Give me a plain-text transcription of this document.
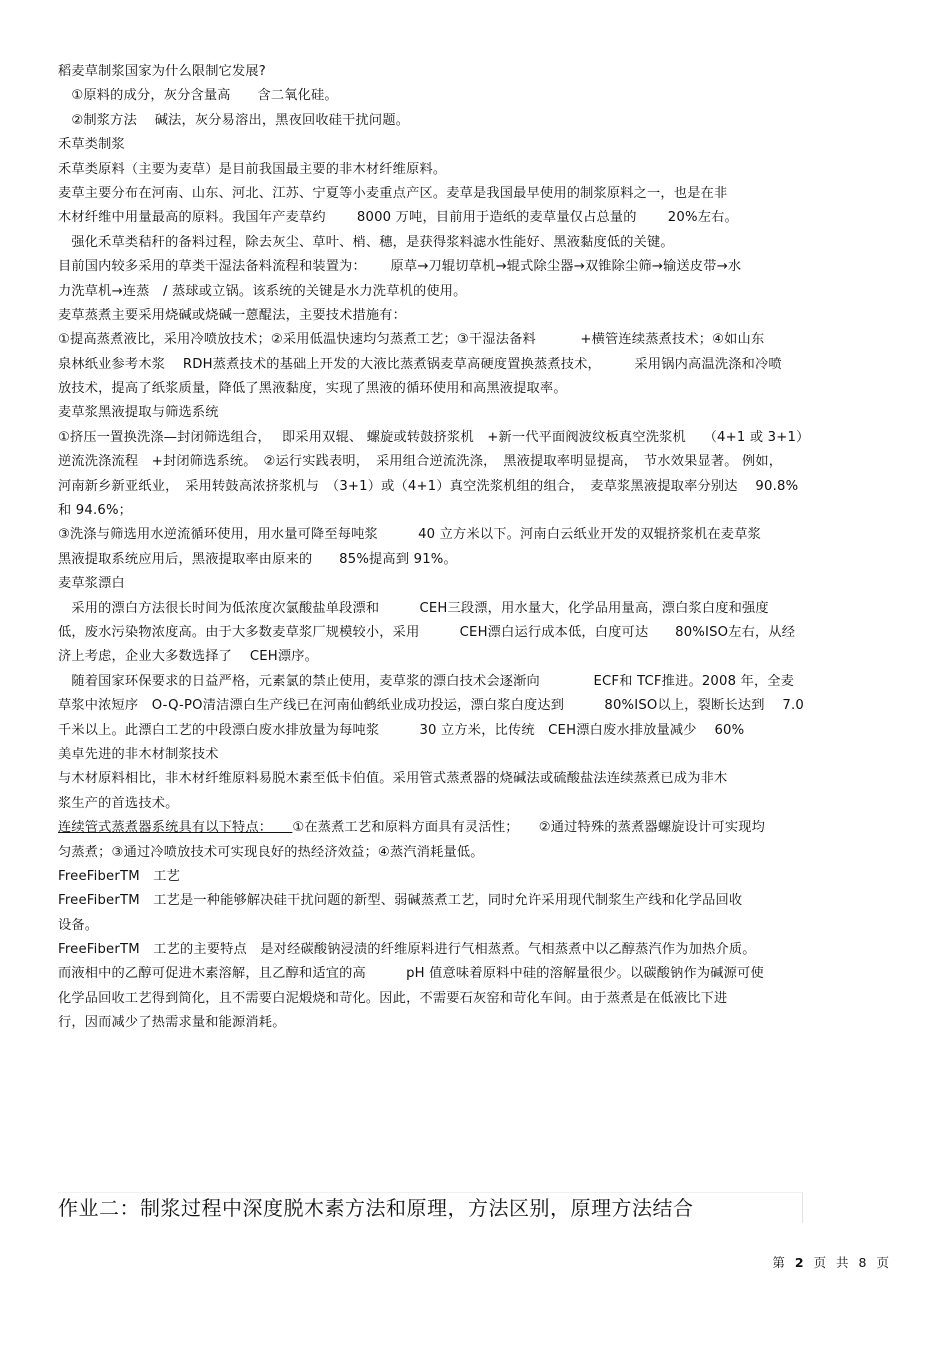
稻麦草制浆国家为什么限制它发展?
　①原料的成分，灰分含量高　　含二氧化硅。
　②制浆方法　 碱法，灰分易溶出，黑夜回收硅干扰问题。
禾草类制浆
禾草类原料（主要为麦草）是目前我国最主要的非木材纤维原料。
麦草主要分布在河南、山东、河北、江苏、宁夏等小麦重点产区。麦草是我国最早使用的制浆原料之一，也是在非
木材纤维中用量最高的原料。我国年产麦草约　　 8000 万吨，目前用于造纸的麦草量仅占总量的　　 20%左右。
　强化禾草类秸秆的备料过程，除去灰尘、草叶、梢、穗，是获得浆料滤水性能好、黑液黏度低的关键。
目前国内较多采用的草类干湿法备料流程和装置为：　　 原草→刀辊切草机→辊式除尘器→双锥除尘筛→输送皮带→水
力洗草机→连蒸　/ 蒸球或立锅。该系统的关键是水力洗草机的使用。
麦草蒸煮主要采用烧碱或烧碱一蒽醌法，主要技术措施有：
①提高蒸煮液比，采用冷喷放技术；②采用低温快速均匀蒸煮工艺；③干湿法备料　　　 +横管连续蒸煮技术；④如山东
泉林纸业参考木浆　 RDH蒸煮技术的基础上开发的大液比蒸煮锅麦草高硬度置换蒸煮技术，　　　采用锅内高温洗涤和冷喷
放技术，提高了纸浆质量，降低了黑液黏度，实现了黑液的循环使用和高黑液提取率。
麦草浆黑液提取与筛选系统
①挤压一置换洗涤—封闭筛选组合，　 即采用双辊、 螺旋或转鼓挤浆机　+新一代平面阀波纹板真空洗浆机　 （4+1 或 3+1）
逆流洗涤流程　+封闭筛选系统。　②运行实践表明，　采用组合逆流洗涤，　黑液提取率明显提高，　节水效果显著。 例如，
河南新乡新亚纸业，　采用转鼓高浓挤浆机与　（3+1）或（4+1）真空洗浆机组的组合，　麦草浆黑液提取率分别达　 90.8%
和 94.6%；
③洗涤与筛选用水逆流循环使用，用水量可降至每吨浆　　　40 立方米以下。河南白云纸业开发的双辊挤浆机在麦草浆
黑液提取系统应用后，黑液提取率由原来的　　85%提高到 91%。
麦草浆漂白
　采用的漂白方法很长时间为低浓度次氯酸盐单段漂和　　　CEH三段漂，用水量大，化学品用量高，漂白浆白度和强度
低，废水污染物浓度高。由于大多数麦草浆厂规模较小，采用　　　CEH漂白运行成本低，白度可达　　80%ISO左右，从经
济上考虑，企业大多数选择了　 CEH漂序。
　随着国家环保要求的日益严格，元素氯的禁止使用，麦草浆的漂白技术会逐渐向　　　　ECF和 TCF推进。2008 年，全麦
草浆中浓短序　O-Q-PO清洁漂白生产线已在河南仙鹤纸业成功投运，漂白浆白度达到　　　80%ISO以上，裂断长达到　 7.0
千米以上。此漂白工艺的中段漂白废水排放量为每吨浆　　　30 立方米，比传统　CEH漂白废水排放量减少　 60%
美卓先进的非木材制浆技术
与木材原料相比，非木材纤维原料易脱木素至低卡伯值。采用管式蒸煮器的烧碱法或硫酸盐法连续蒸煮已成为非木
浆生产的首选技术。
连续管式蒸煮器系统具有以下特点：　　①在蒸煮工艺和原料方面具有灵活性；　　②通过特殊的蒸煮器螺旋设计可实现均
匀蒸煮；③通过冷喷放技术可实现良好的热经济效益；④蒸汽消耗量低。
FreeFiberTM　工艺
FreeFiberTM　工艺是一种能够解决硅干扰问题的新型、弱碱蒸煮工艺，同时允许采用现代制浆生产线和化学品回收
设备。
FreeFiberTM　工艺的主要特点　是对经碳酸钠浸渍的纤维原料进行气相蒸煮。气相蒸煮中以乙醇蒸汽作为加热介质。
而液相中的乙醇可促进木素溶解，且乙醇和适宜的高　　　pH 值意味着原料中硅的溶解量很少。以碳酸钠作为碱源可使
化学品回收工艺得到简化，且不需要白泥煅烧和苛化。因此，不需要石灰窑和苛化车间。由于蒸煮是在低液比下进
行，因而减少了热需求量和能源消耗。
作业二：制浆过程中深度脱木素方法和原理，方法区别，原理方法结合
第 2 页 共 8 页
